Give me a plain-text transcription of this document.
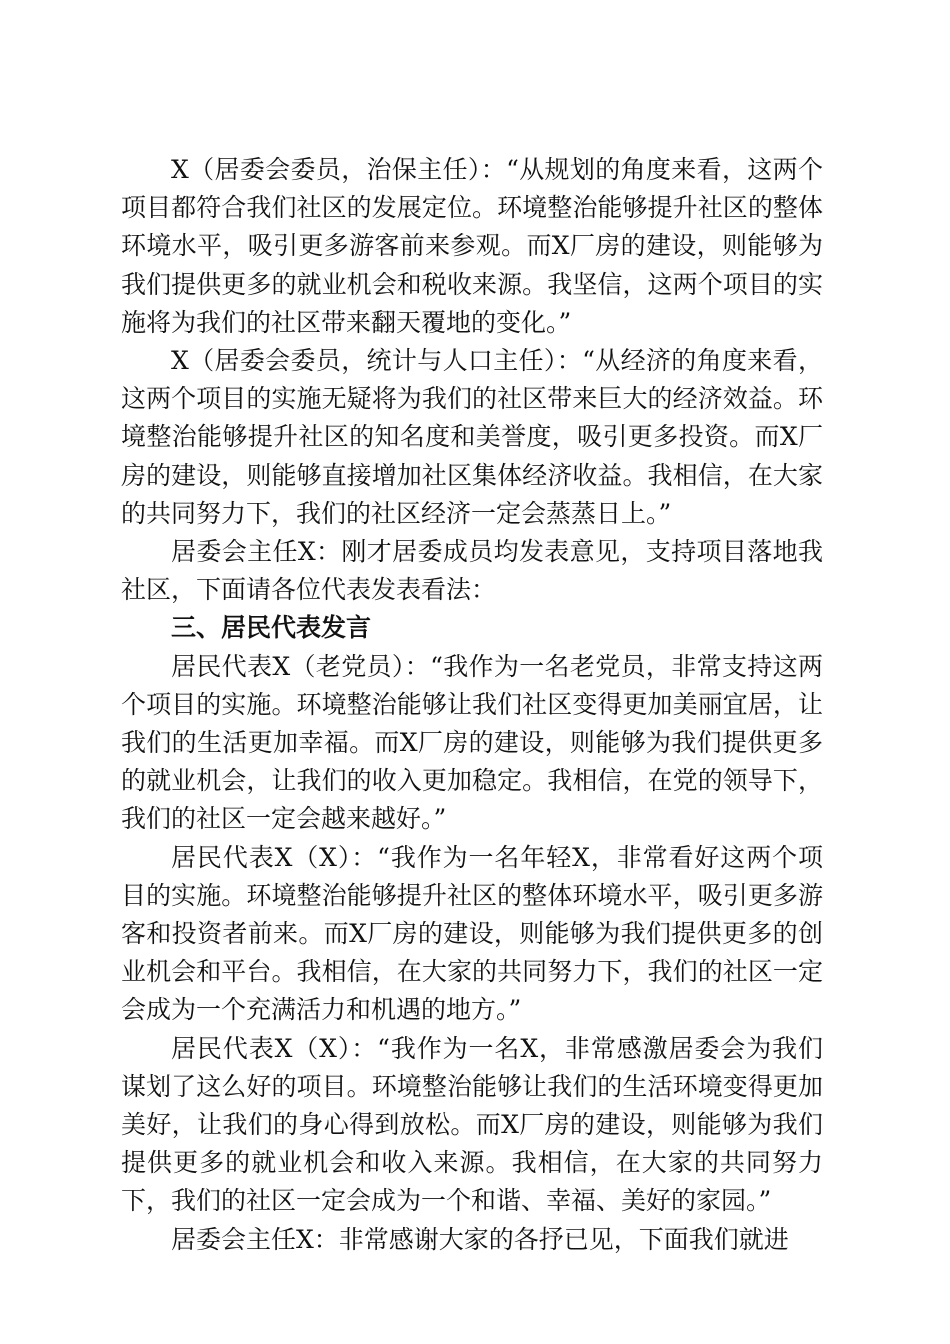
X（居委会委员，治保主任）：“从规划的角度来看，这两个项目都符合我们社区的发展定位。环境整治能够提升社区的整体环境水平，吸引更多游客前来参观。而X厂房的建设，则能够为我们提供更多的就业机会和税收来源。我坚信，这两个项目的实施将为我们的社区带来翻天覆地的变化。”

X（居委会委员，统计与人口主任）：“从经济的角度来看，这两个项目的实施无疑将为我们的社区带来巨大的经济效益。环境整治能够提升社区的知名度和美誉度，吸引更多投资。而X厂房的建设，则能够直接增加社区集体经济收益。我相信，在大家的共同努力下，我们的社区经济一定会蒸蒸日上。”

居委会主任X：刚才居委成员均发表意见，支持项目落地我社区，下面请各位代表发表看法：

三、居民代表发言

居民代表X（老党员）：“我作为一名老党员，非常支持这两个项目的实施。环境整治能够让我们社区变得更加美丽宜居，让我们的生活更加幸福。而X厂房的建设，则能够为我们提供更多的就业机会，让我们的收入更加稳定。我相信，在党的领导下，我们的社区一定会越来越好。”

居民代表X（X）：“我作为一名年轻X，非常看好这两个项目的实施。环境整治能够提升社区的整体环境水平，吸引更多游客和投资者前来。而X厂房的建设，则能够为我们提供更多的创业机会和平台。我相信，在大家的共同努力下，我们的社区一定会成为一个充满活力和机遇的地方。”

居民代表X（X）：“我作为一名X，非常感激居委会为我们谋划了这么好的项目。环境整治能够让我们的生活环境变得更加美好，让我们的身心得到放松。而X厂房的建设，则能够为我们提供更多的就业机会和收入来源。我相信，在大家的共同努力下，我们的社区一定会成为一个和谐、幸福、美好的家园。”

居委会主任X：非常感谢大家的各抒已见，下面我们就进
